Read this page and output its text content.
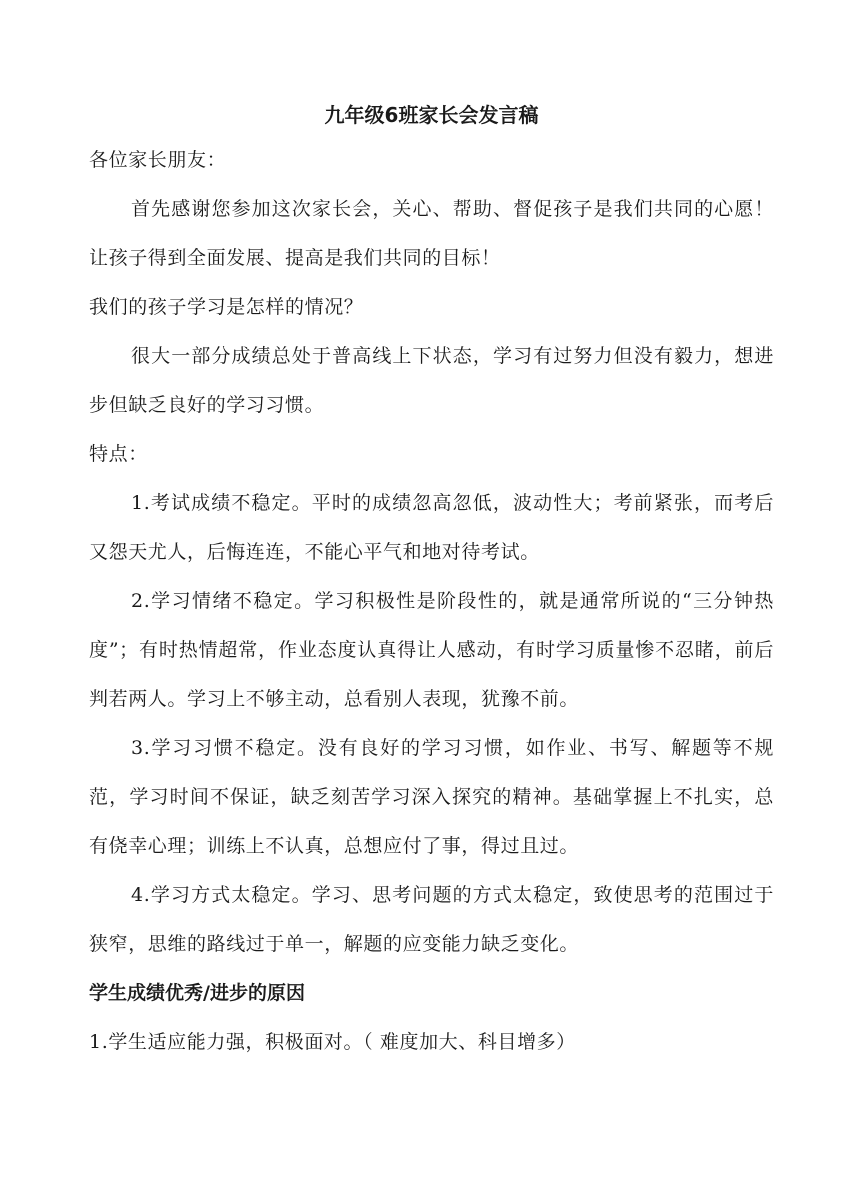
九年级6班家长会发言稿

各位家长朋友：

首先感谢您参加这次家长会，关心、帮助、督促孩子是我们共同的心愿！让孩子得到全面发展、提高是我们共同的目标！

我们的孩子学习是怎样的情况？

很大一部分成绩总处于普高线上下状态，学习有过努力但没有毅力，想进步但缺乏良好的学习习惯。

特点：

1.考试成绩不稳定。平时的成绩忽高忽低，波动性大；考前紧张，而考后又怨天尤人，后悔连连，不能心平气和地对待考试。

2.学习情绪不稳定。学习积极性是阶段性的，就是通常所说的“三分钟热度”；有时热情超常，作业态度认真得让人感动，有时学习质量惨不忍睹，前后判若两人。学习上不够主动，总看别人表现，犹豫不前。

3.学习习惯不稳定。没有良好的学习习惯，如作业、书写、解题等不规范，学习时间不保证，缺乏刻苦学习深入探究的精神。基础掌握上不扎实，总有侥幸心理；训练上不认真，总想应付了事，得过且过。

4.学习方式太稳定。学习、思考问题的方式太稳定，致使思考的范围过于狭窄，思维的路线过于单一，解题的应变能力缺乏变化。

学生成绩优秀/进步的原因

1.学生适应能力强，积极面对。（ 难度加大、科目增多）
